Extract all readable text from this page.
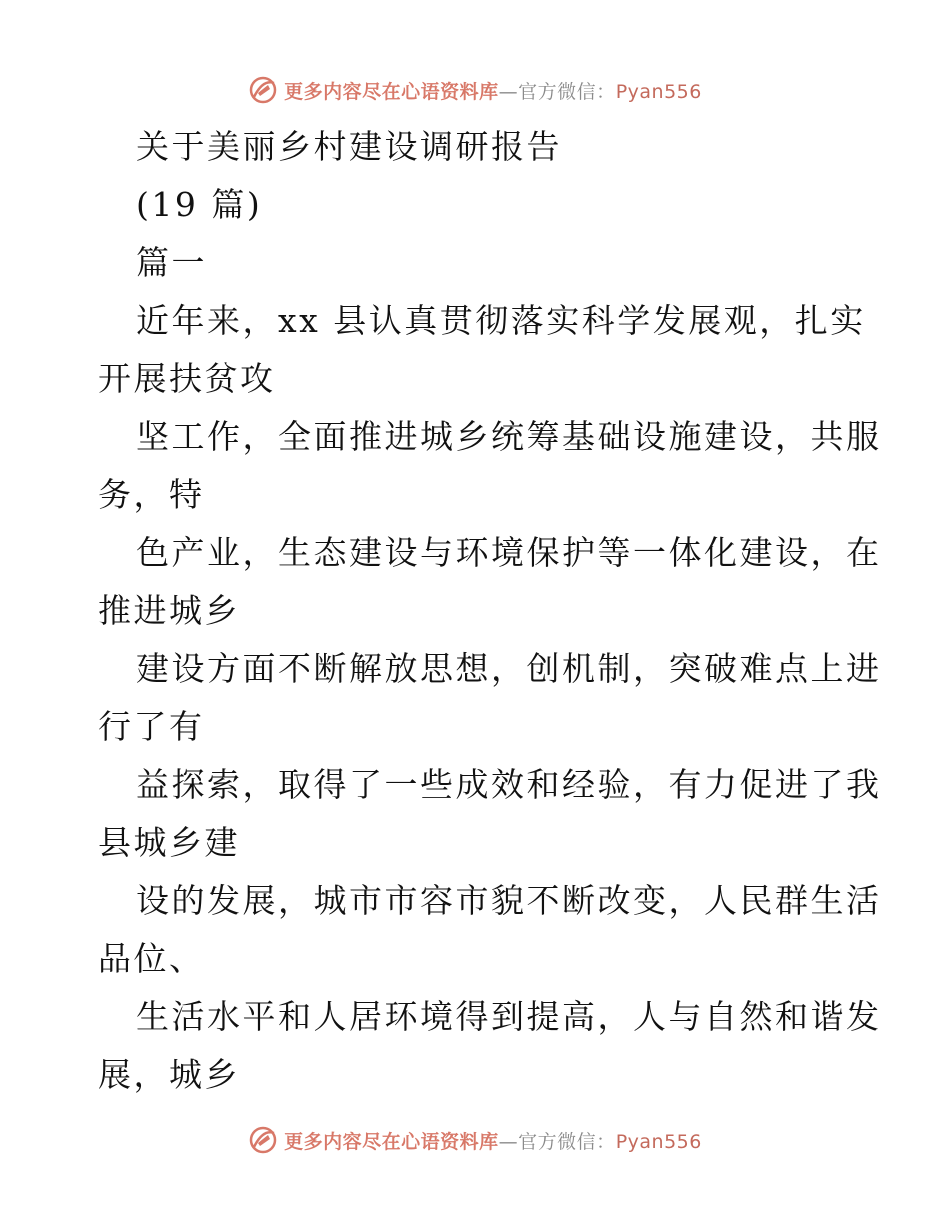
更多内容尽在心语资料库—官方微信：Pyan556
关于美丽乡村建设调研报告
(19 篇)
篇一
近年来，xx 县认真贯彻落实科学发展观，扎实
开展扶贫攻
坚工作，全面推进城乡统筹基础设施建设，共服
务，特
色产业，生态建设与环境保护等一体化建设，在
推进城乡
建设方面不断解放思想，创机制，突破难点上进
行了有
益探索，取得了一些成效和经验，有力促进了我
县城乡建
设的发展，城市市容市貌不断改变，人民群生活
品位、
生活水平和人居环境得到提高，人与自然和谐发
展，城乡
更多内容尽在心语资料库—官方微信：Pyan556
